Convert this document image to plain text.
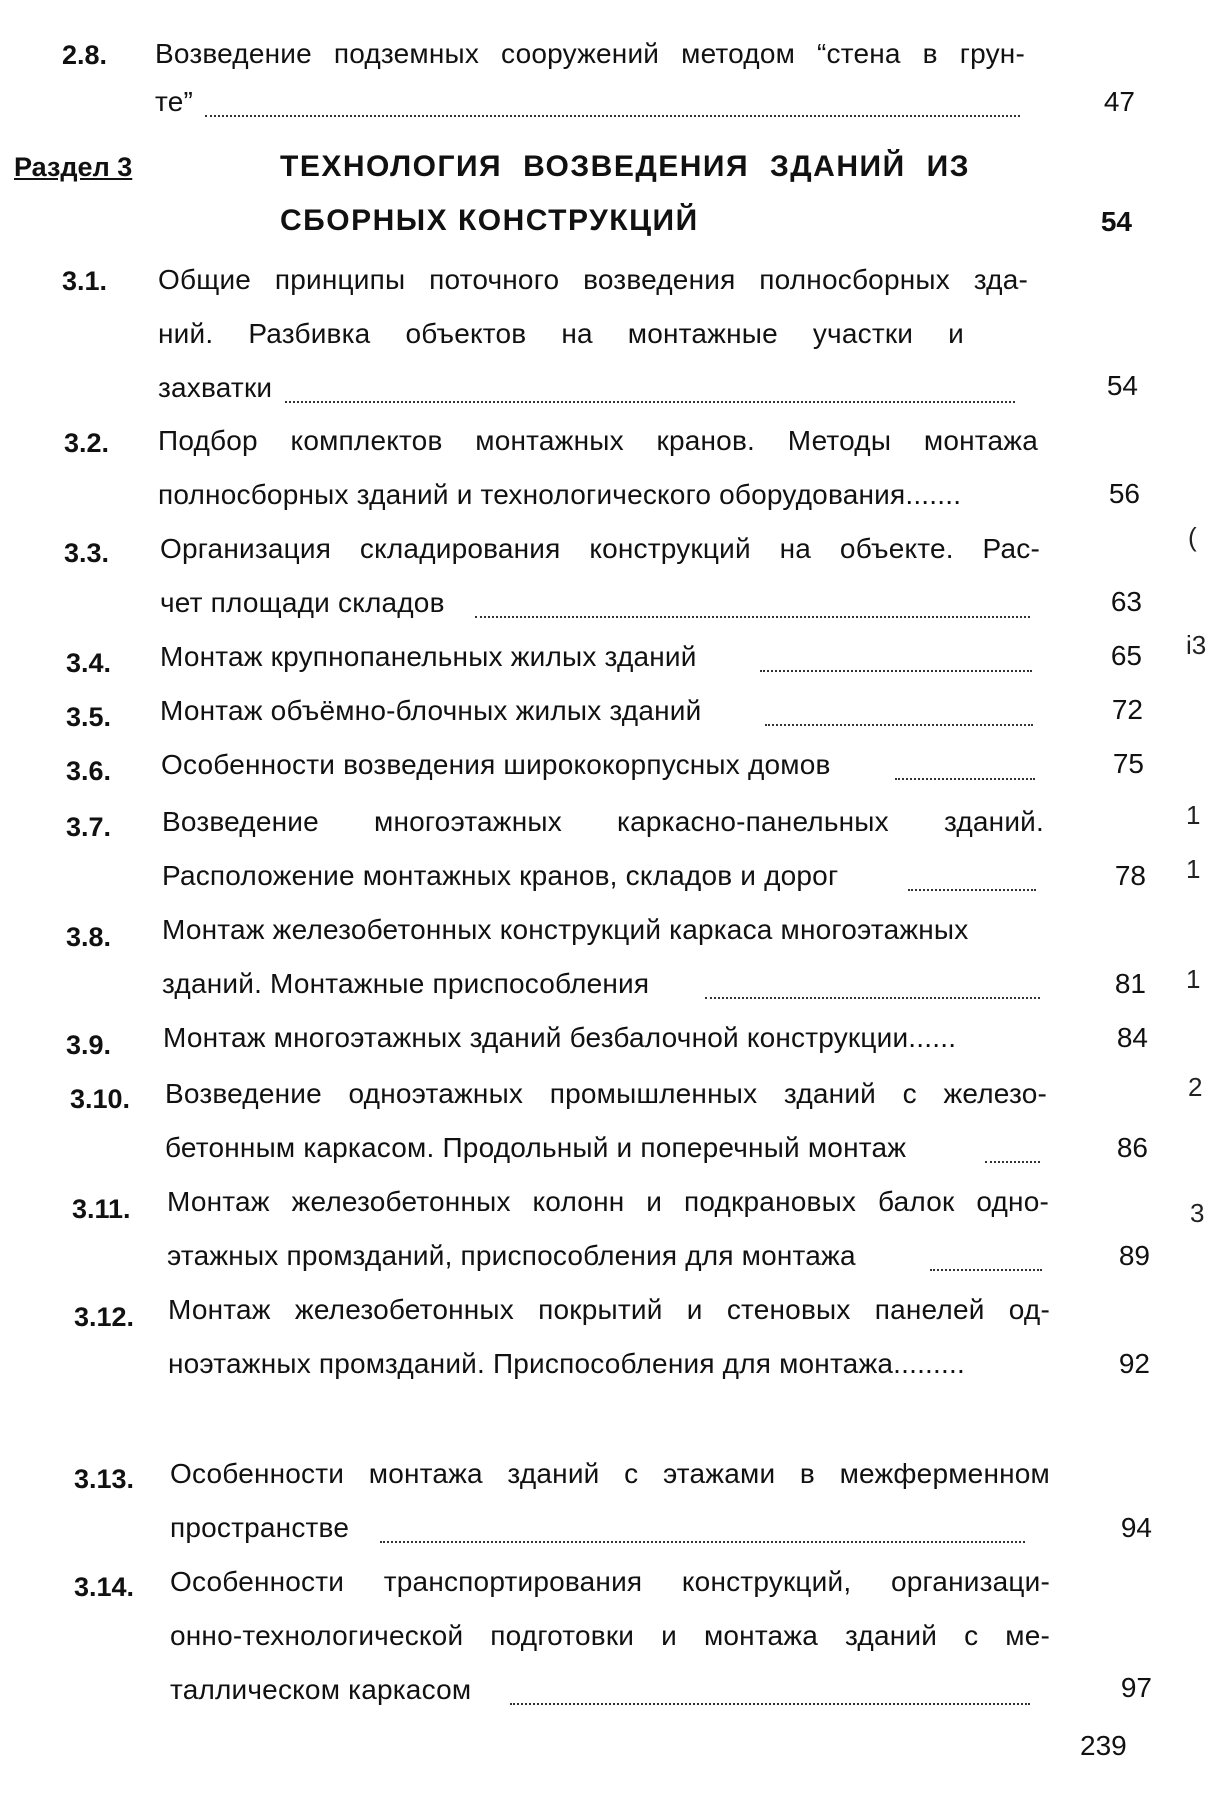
2.8. Возведение подземных сооружений методом “стена в грун-
те”	47
Раздел 3	ТЕХНОЛОГИЯ ВОЗВЕДЕНИЯ ЗДАНИЙ ИЗ
СБОРНЫХ КОНСТРУКЦИЙ	54
3.1. Общие принципы поточного возведения полносборных зда-
ний. Разбивка объектов на монтажные участки и
захватки	54
3.2. Подбор комплектов монтажных кранов. Методы монтажа
полносборных зданий и технологического оборудования.......	56
3.3. Организация складирования конструкций на объекте. Рас-
чет площади складов	63
3.4. Монтаж крупнопанельных жилых зданий	65
3.5. Монтаж объёмно-блочных жилых зданий	72
3.6. Особенности возведения ширококорпусных домов	75
3.7. Возведение многоэтажных каркасно-панельных зданий.
Расположение монтажных кранов, складов и дорог	78
3.8. Монтаж железобетонных конструкций каркаса многоэтажных
зданий. Монтажные приспособления	81
3.9. Монтаж многоэтажных зданий безбалочной конструкции......	84
3.10. Возведение одноэтажных промышленных зданий с железо-
бетонным каркасом. Продольный и поперечный монтаж	86
3.11. Монтаж железобетонных колонн и подкрановых балок одно-
этажных промзданий, приспособления для монтажа	89
3.12. Монтаж железобетонных покрытий и стеновых панелей од-
ноэтажных промзданий. Приспособления для монтажа.........	92
3.13. Особенности монтажа зданий с этажами в межферменном
пространстве	94
3.14. Особенности транспортирования конструкций, организаци-
онно-технологической подготовки и монтажа зданий с ме-
таллическом каркасом	97
239
(
i3
1
1
1
2
3
